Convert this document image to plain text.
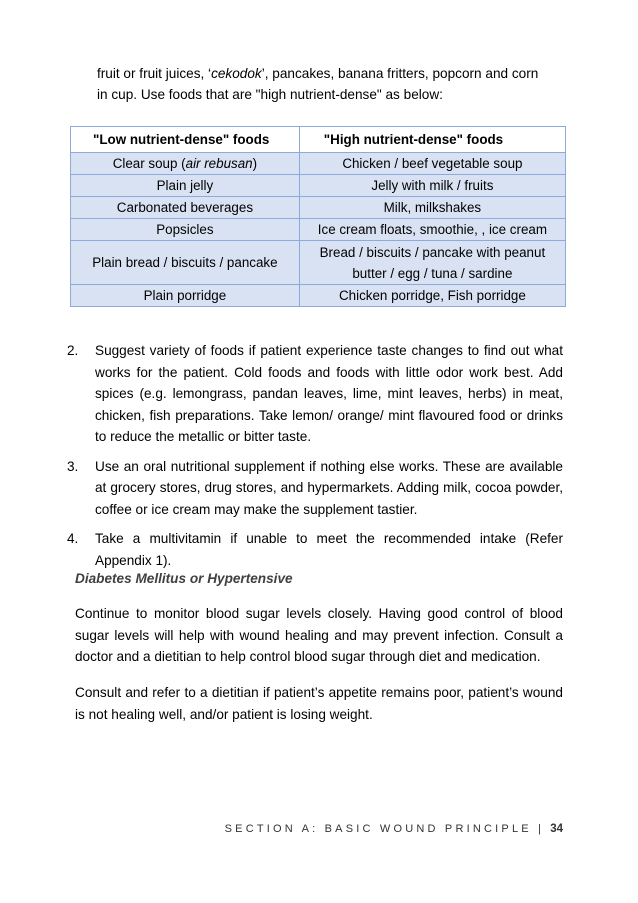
fruit or fruit juices, ‘cekodok’, pancakes, banana fritters, popcorn and corn

in cup. Use foods that are "high nutrient-dense" as below:

"Low nutrient-dense" foods	"High nutrient-dense" foods
Clear soup (air rebusan)	Chicken / beef vegetable soup
Plain jelly	Jelly with milk / fruits
Carbonated beverages	Milk, milkshakes
Popsicles	Ice cream floats, smoothie, , ice cream
Plain bread / biscuits / pancake	Bread / biscuits / pancake with peanut
butter / egg / tuna / sardine
Plain porridge	Chicken porridge, Fish porridge
2.	Suggest variety of foods if patient experience taste changes to find out what works for the patient. Cold foods and foods with little odor work best. Add spices (e.g. lemongrass, pandan leaves, lime, mint leaves, herbs) in meat, chicken, fish preparations. Take lemon/ orange/ mint flavoured food or drinks to reduce the metallic or bitter taste.
3.	Use an oral nutritional supplement if nothing else works. These are available at grocery stores, drug stores, and hypermarkets. Adding milk, cocoa powder, coffee or ice cream may make the supplement tastier.
4.	Take a multivitamin if unable to meet the recommended intake (Refer Appendix 1).
Diabetes Mellitus or Hypertensive

Continue to monitor blood sugar levels closely. Having good control of blood sugar levels will help with wound healing and may prevent infection. Consult a doctor and a dietitian to help control blood sugar through diet and medication.

Consult and refer to a dietitian if patient’s appetite remains poor, patient’s wound is not healing well, and/or patient is losing weight.

SECTION A: BASIC WOUND PRINCIPLE | 34
